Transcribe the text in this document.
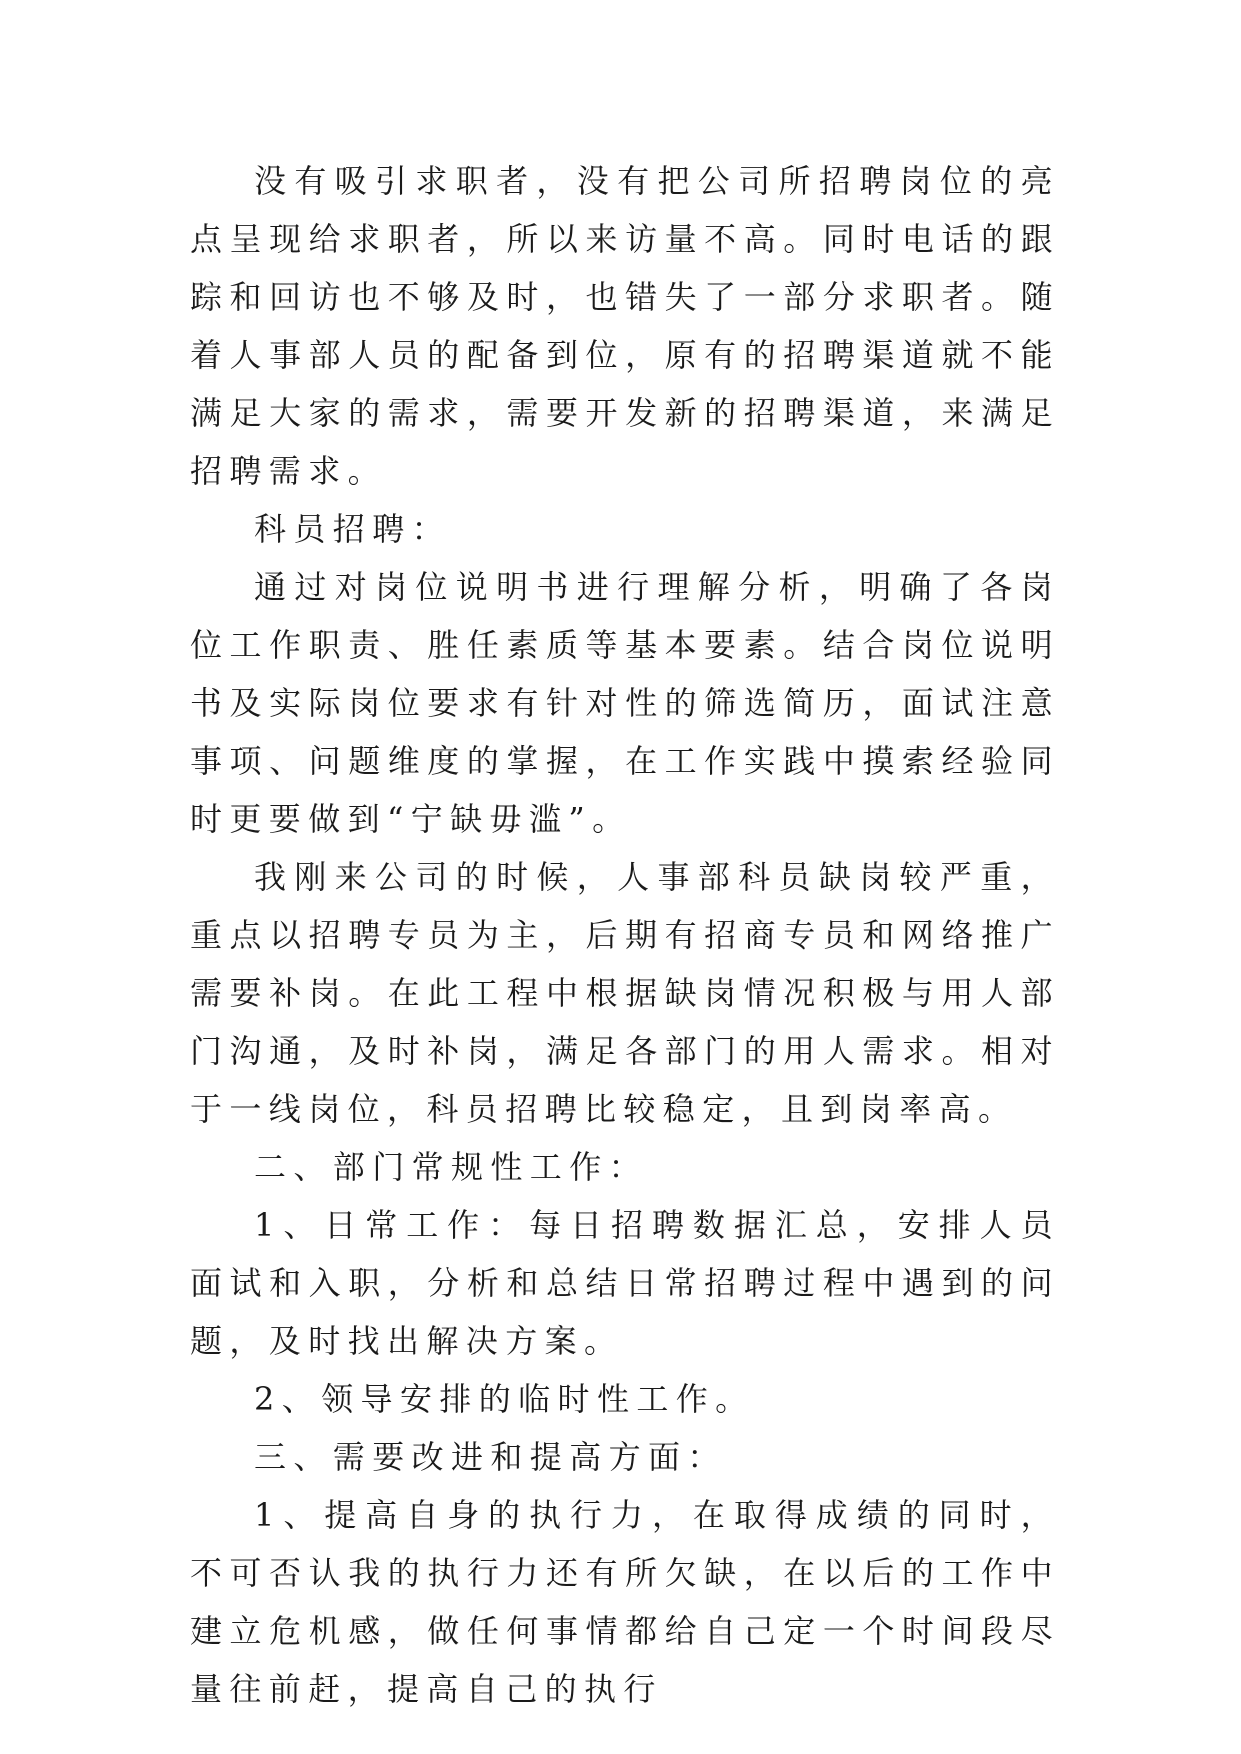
没有吸引求职者，没有把公司所招聘岗位的亮点呈现给求职者，所以来访量不高。同时电话的跟踪和回访也不够及时，也错失了一部分求职者。随着人事部人员的配备到位，原有的招聘渠道就不能满足大家的需求，需要开发新的招聘渠道，来满足招聘需求。

科员招聘：

通过对岗位说明书进行理解分析，明确了各岗位工作职责、胜任素质等基本要素。结合岗位说明书及实际岗位要求有针对性的筛选简历，面试注意事项、问题维度的掌握，在工作实践中摸索经验同时更要做到“宁缺毋滥”。

我刚来公司的时候，人事部科员缺岗较严重，重点以招聘专员为主，后期有招商专员和网络推广需要补岗。在此工程中根据缺岗情况积极与用人部门沟通，及时补岗，满足各部门的用人需求。相对于一线岗位，科员招聘比较稳定，且到岗率高。

二、部门常规性工作：

1、日常工作：每日招聘数据汇总，安排人员面试和入职，分析和总结日常招聘过程中遇到的问题，及时找出解决方案。

2、领导安排的临时性工作。

三、需要改进和提高方面：

1、提高自身的执行力，在取得成绩的同时，不可否认我的执行力还有所欠缺，在以后的工作中建立危机感，做任何事情都给自己定一个时间段尽量往前赶，提高自己的执行
